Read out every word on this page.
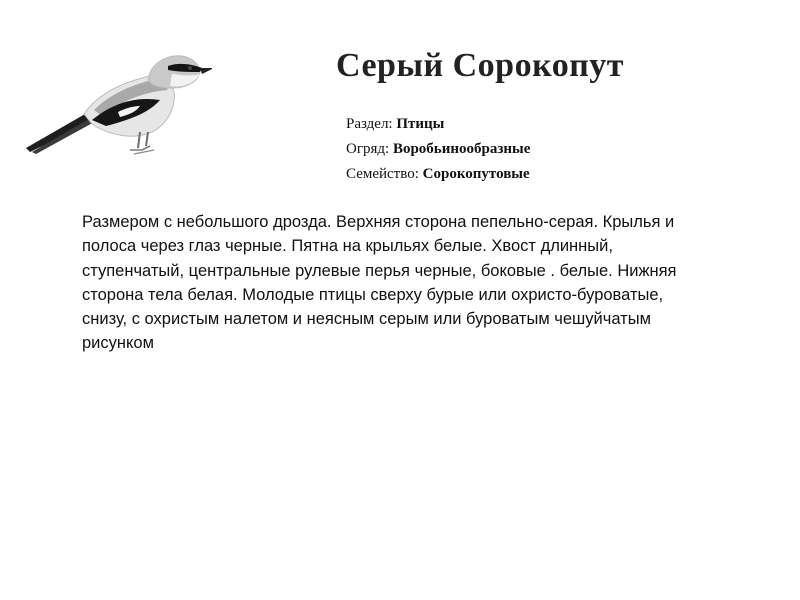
Серый Сорокопут
Раздел: Птицы
Огряд: Воробьинообразные
Семейство: Сорокопутовые

Размером с небольшого дрозда. Верхняя сторона пепельно-серая. Крылья и полоса через глаз черные. Пятна на крыльях белые. Хвост длинный, ступенчатый, центральные рулевые перья черные, боковые . белые. Нижняя сторона тела белая. Молодые птицы сверху бурые или охристо-буроватые, снизу, с охристым налетом и неясным серым или буроватым чешуйчатым рисунком
